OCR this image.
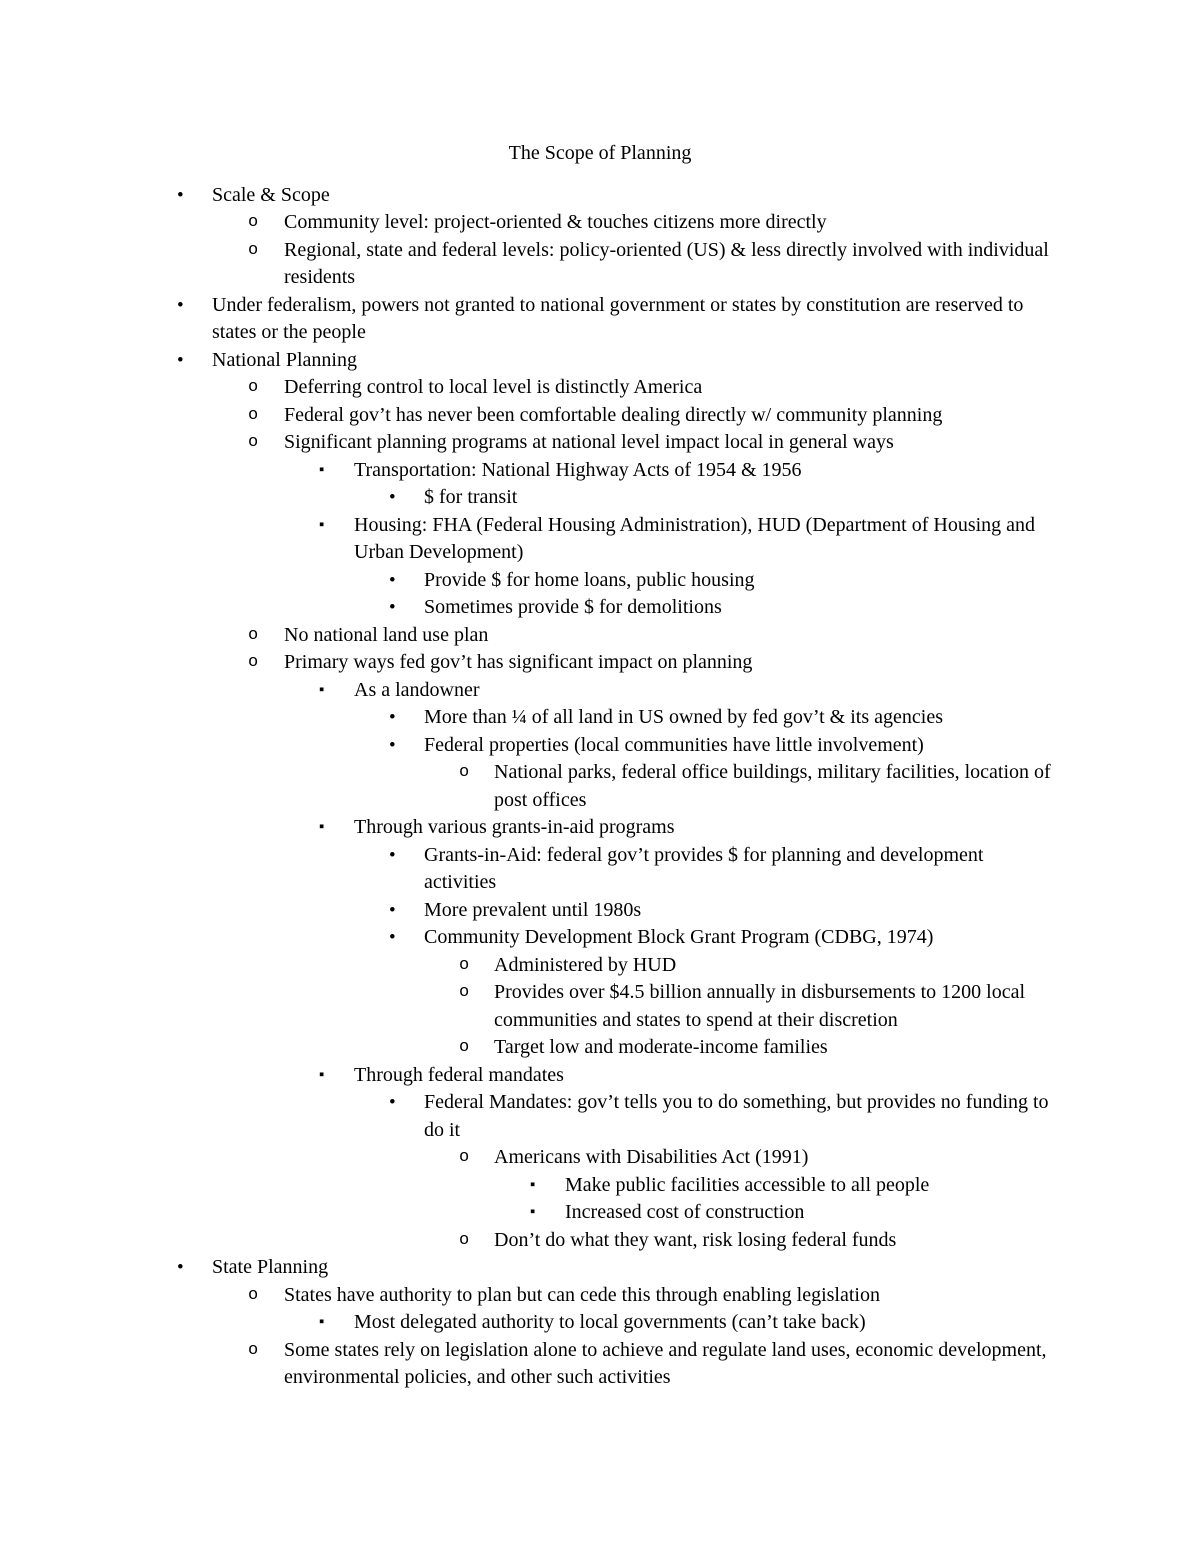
The Scope of Planning
• Scale & Scope
o Community level: project-oriented & touches citizens more directly
o Regional, state and federal levels: policy-oriented (US) & less directly involved with individual residents
• Under federalism, powers not granted to national government or states by constitution are reserved to states or the people
• National Planning
o Deferring control to local level is distinctly America
o Federal gov’t has never been comfortable dealing directly w/ community planning
o Significant planning programs at national level impact local in general ways
▪ Transportation: National Highway Acts of 1954 & 1956
• $ for transit
▪ Housing: FHA (Federal Housing Administration), HUD (Department of Housing and Urban Development)
• Provide $ for home loans, public housing
• Sometimes provide $ for demolitions
o No national land use plan
o Primary ways fed gov’t has significant impact on planning
▪ As a landowner
• More than ¼ of all land in US owned by fed gov’t & its agencies
• Federal properties (local communities have little involvement)
o National parks, federal office buildings, military facilities, location of post offices
▪ Through various grants-in-aid programs
• Grants-in-Aid: federal gov’t provides $ for planning and development activities
• More prevalent until 1980s
• Community Development Block Grant Program (CDBG, 1974)
o Administered by HUD
o Provides over $4.5 billion annually in disbursements to 1200 local communities and states to spend at their discretion
o Target low and moderate-income families
▪ Through federal mandates
• Federal Mandates: gov’t tells you to do something, but provides no funding to do it
o Americans with Disabilities Act (1991)
▪ Make public facilities accessible to all people
▪ Increased cost of construction
o Don’t do what they want, risk losing federal funds
• State Planning
o States have authority to plan but can cede this through enabling legislation
▪ Most delegated authority to local governments (can’t take back)
o Some states rely on legislation alone to achieve and regulate land uses, economic development, environmental policies, and other such activities
